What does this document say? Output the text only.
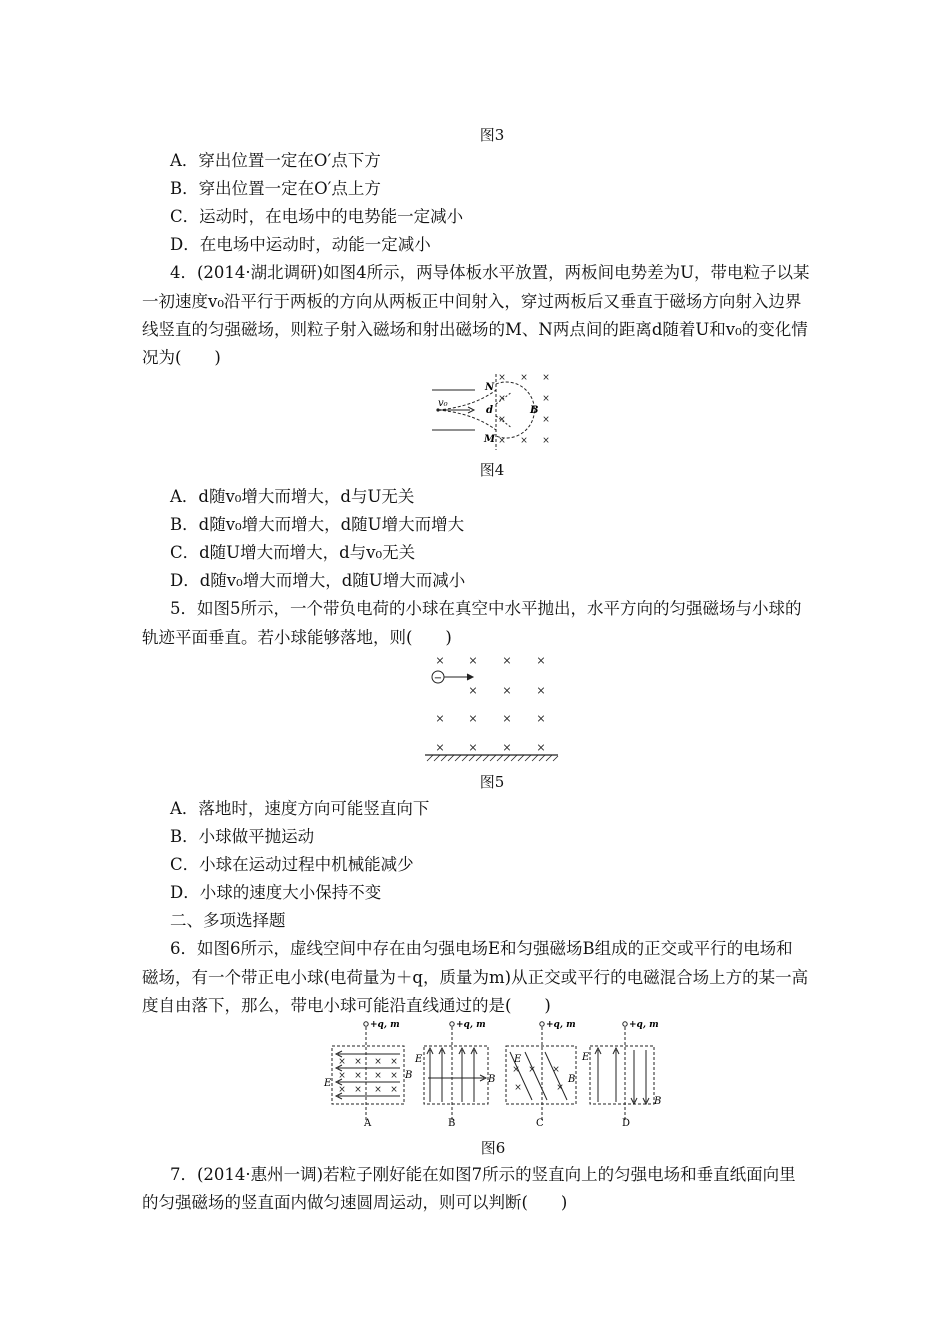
图3
A．穿出位置一定在O′点下方
B．穿出位置一定在O′点上方
C．运动时，在电场中的电势能一定减小
D．在电场中运动时，动能一定减小
4．(2014·湖北调研)如图4所示，两导体板水平放置，两板间电势差为U，带电粒子以某
一初速度v₀沿平行于两板的方向从两板正中间射入，穿过两板后又垂直于磁场方向射入边界
线竖直的匀强磁场，则粒子射入磁场和射出磁场的M、N两点间的距离d随着U和v₀的变化情
况为(　　)
× × ×
×	×
×	×
× × ×
v₀
d
N
M
B
图4
A．d随v₀增大而增大，d与U无关
B．d随v₀增大而增大，d随U增大而增大
C．d随U增大而增大，d与v₀无关
D．d随v₀增大而增大，d随U增大而减小
5．如图5所示，一个带负电荷的小球在真空中水平抛出，水平方向的匀强磁场与小球的
轨迹平面垂直。若小球能够落地，则(　　)
× × × ×
× × ×
× × × ×
× × × ×
−
图5
A．落地时，速度方向可能竖直向下
B．小球做平抛运动
C．小球在运动过程中机械能减少
D．小球的速度大小保持不变
二、多项选择题
6．如图6所示，虚线空间中存在由匀强电场E和匀强磁场B组成的正交或平行的电场和
磁场，有一个带正电小球(电荷量为＋q，质量为m)从正交或平行的电磁混合场上方的某一高
度自由落下，那么，带电小球可能沿直线通过的是(　　)
+q, m
× × × ×
× × × ×
× × × ×
E
B
A
+q, m
E
B
B
+q, m
× × ×
×	×
E
B
C
+q, m
E
B
D
图6
7．(2014·惠州一调)若粒子刚好能在如图7所示的竖直向上的匀强电场和垂直纸面向里
的匀强磁场的竖直面内做匀速圆周运动，则可以判断(　　)
